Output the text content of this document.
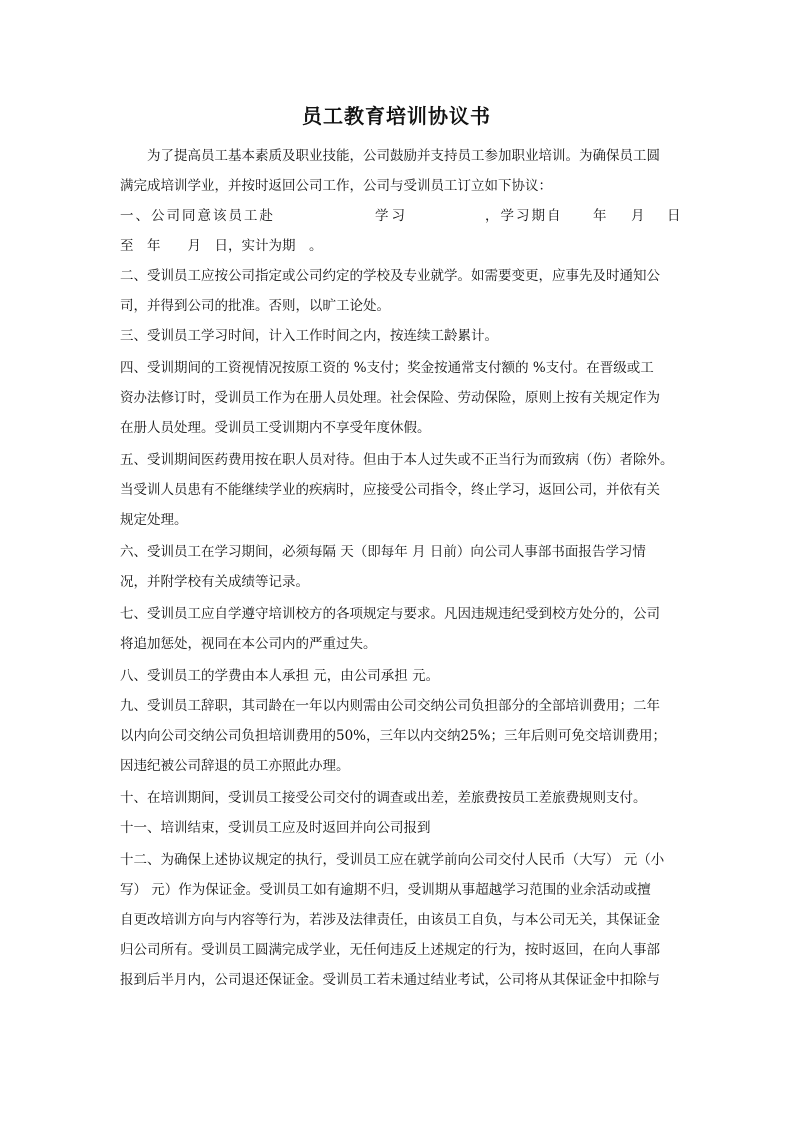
员工教育培训协议书
为了提高员工基本素质及职业技能，公司鼓励并支持员工参加职业培训。为确保员工圆
满完成培训学业，并按时返回公司工作，公司与受训员工订立如下协议：
一、公司同意该员工赴	学习	，学习期自 年 月 日
至　年　　月　日，实计为期　。
二、受训员工应按公司指定或公司约定的学校及专业就学。如需要变更，应事先及时通知公
司，并得到公司的批准。否则，以旷工论处。
三、受训员工学习时间，计入工作时间之内，按连续工龄累计。
四、受训期间的工资视情况按原工资的 %支付；奖金按通常支付额的 %支付。在晋级或工
资办法修订时，受训员工作为在册人员处理。社会保险、劳动保险，原则上按有关规定作为
在册人员处理。受训员工受训期内不享受年度休假。
五、受训期间医药费用按在职人员对待。但由于本人过失或不正当行为而致病（伤）者除外。
当受训人员患有不能继续学业的疾病时，应接受公司指令，终止学习，返回公司，并依有关
规定处理。
六、受训员工在学习期间，必须每隔 天（即每年 月 日前）向公司人事部书面报告学习情
况，并附学校有关成绩等记录。
七、受训员工应自学遵守培训校方的各项规定与要求。凡因违规违纪受到校方处分的，公司
将追加惩处，视同在本公司内的严重过失。
八、受训员工的学费由本人承担 元，由公司承担 元。
九、受训员工辞职，其司龄在一年以内则需由公司交纳公司负担部分的全部培训费用；二年
以内向公司交纳公司负担培训费用的50%，三年以内交纳25%；三年后则可免交培训费用；
因违纪被公司辞退的员工亦照此办理。
十、在培训期间，受训员工接受公司交付的调查或出差，差旅费按员工差旅费规则支付。
十一、培训结束，受训员工应及时返回并向公司报到
十二、为确保上述协议规定的执行，受训员工应在就学前向公司交付人民币（大写） 元（小
写） 元）作为保证金。受训员工如有逾期不归，受训期从事超越学习范围的业余活动或擅
自更改培训方向与内容等行为，若涉及法律责任，由该员工自负，与本公司无关，其保证金
归公司所有。受训员工圆满完成学业，无任何违反上述规定的行为，按时返回，在向人事部
报到后半月内，公司退还保证金。受训员工若未通过结业考试，公司将从其保证金中扣除与
